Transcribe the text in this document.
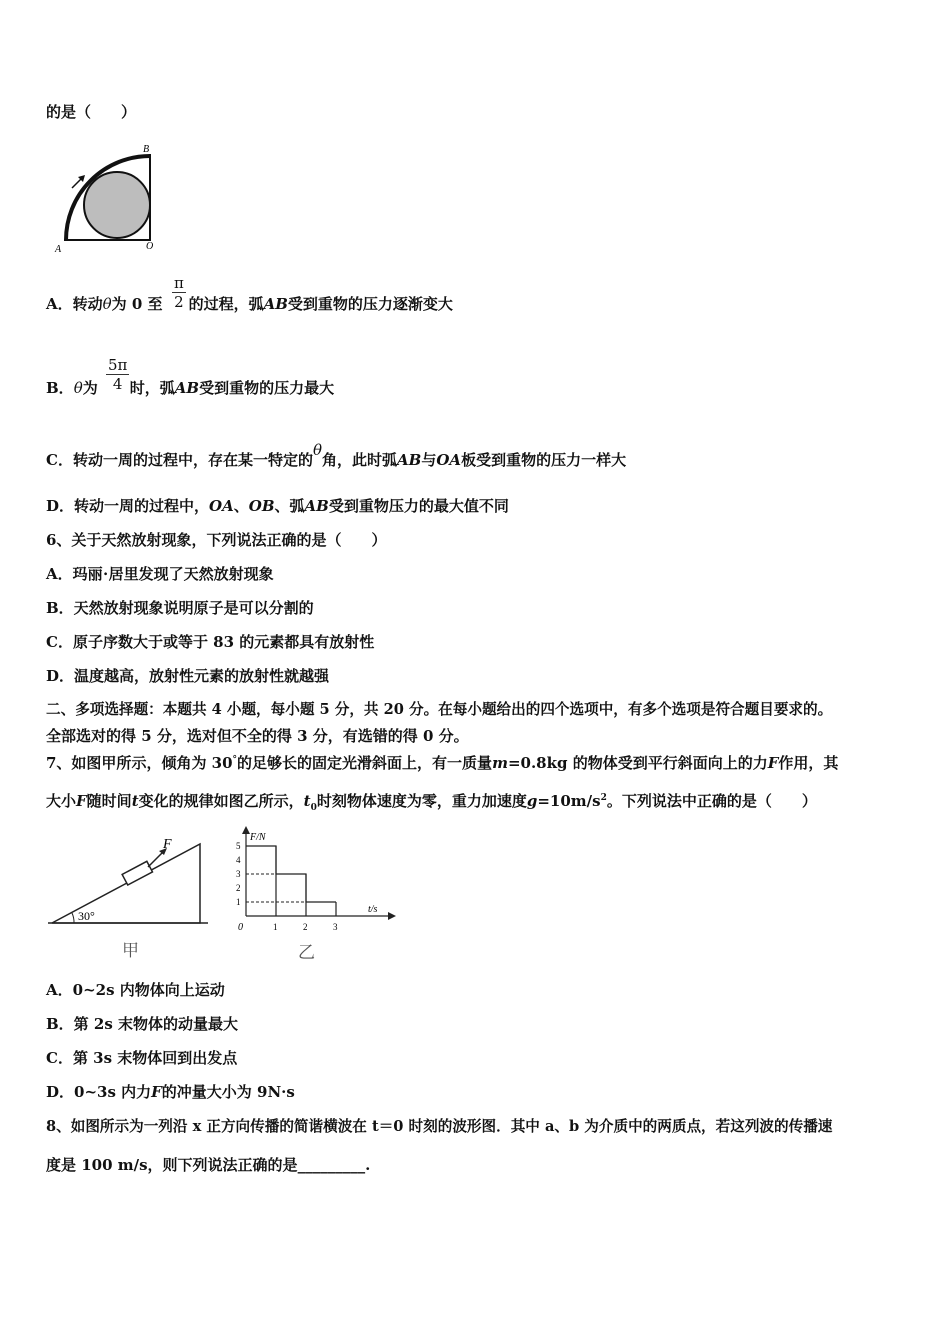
的是（　　）
A
B
O
A．转动θ为 0 至 的过程，弧AB受到重物的压力逐渐变大
$\frac{\pi}{2}$
B．θ为 时，弧AB受到重物的压力最大
$\frac{5\pi}{4}$
C．转动一周的过程中，存在某一特定的θ角，此时弧AB与OA板受到重物的压力一样大
D．转动一周的过程中，OA、OB、弧AB受到重物压力的最大值不同
6、关于天然放射现象，下列说法正确的是（　　）
A．玛丽⋅居里发现了天然放射现象
B．天然放射现象说明原子是可以分割的
C．原子序数大于或等于 83 的元素都具有放射性
D．温度越高，放射性元素的放射性就越强
二、多项选择题：本题共 4 小题，每小题 5 分，共 20 分。在每小题给出的四个选项中，有多个选项是符合题目要求的。
全部选对的得 5 分，选对但不全的得 3 分，有选错的得 0 分。
7、如图甲所示，倾角为 30°的足够长的固定光滑斜面上，有一质量m=0.8kg 的物体受到平行斜面向上的力F作用，其
大小F随时间t变化的规律如图乙所示，$t_0$时刻物体速度为零，重力加速度$g=10m/s^2$。下列说法中正确的是（　　）
F
30°
甲
F/N
t/s
0
5
4
3
2
1
1	2	3
乙
A．0~2s 内物体向上运动
B．第 2s 末物体的动量最大
C．第 3s 末物体回到出发点
D．0~3s 内力F的冲量大小为 9N·s
8、如图所示为一列沿 x 正方向传播的简谐横波在 t＝0 时刻的波形图．其中 a、b 为介质中的两质点，若这列波的传播速
度是 100 m/s，则下列说法正确的是_________.
